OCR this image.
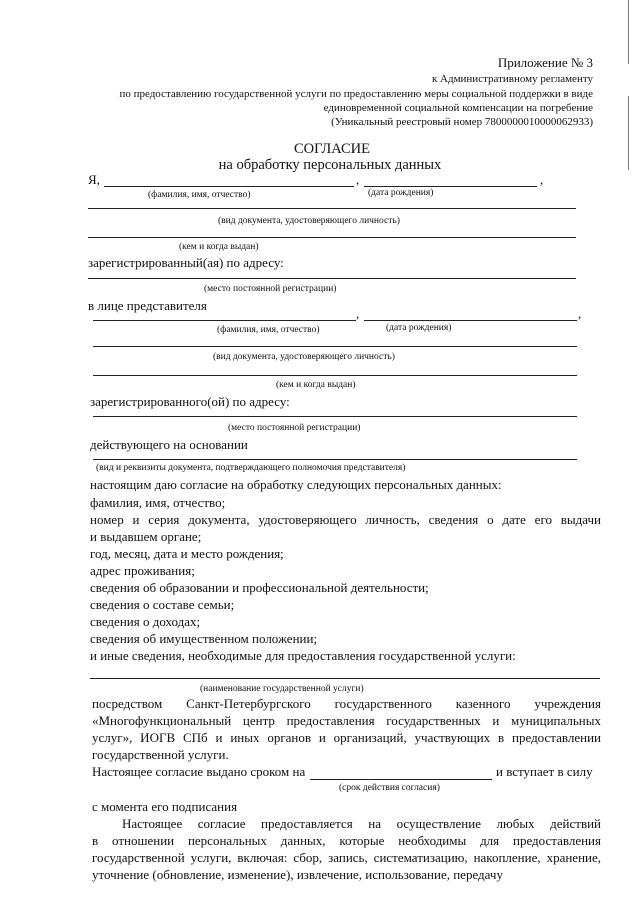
Приложение № 3
к Административному регламенту
по предоставлению государственной услуги по предоставлению меры социальной поддержки в виде
единовременной социальной компенсации на погребение
(Уникальный реестровый номер 7800000010000062933)
СОГЛАСИЕ
на обработку персональных данных
Я,	,	,
(фамилия, имя, отчество)	(дата рождения)
(вид документа, удостоверяющего личность)
(кем и когда выдан)
зарегистрированный(ая) по адресу:
(место постоянной регистрации)
в лице представителя
,	,
(фамилия, имя, отчество)	(дата рождения)
(вид документа, удостоверяющего личность)
(кем и когда выдан)
зарегистрированного(ой) по адресу:
(место постоянной регистрации)
действующего на основании
(вид и реквизиты документа, подтверждающего полномочия представителя)
настоящим даю согласие на обработку следующих персональных данных:
фамилия, имя, отчество;
номер и серия документа, удостоверяющего личность, сведения о дате его выдачи
и выдавшем органе;
год, месяц, дата и место рождения;
адрес проживания;
сведения об образовании и профессиональной деятельности;
сведения о составе семьи;
сведения о доходах;
сведения об имущественном положении;
и иные сведения, необходимые для предоставления государственной услуги:
(наименование государственной услуги)
посредством Санкт-Петербургского государственного казенного учреждения
«Многофункциональный центр предоставления государственных и муниципальных
услуг», ИОГВ СПб и иных органов и организаций, участвующих в предоставлении
государственной услуги.
Настоящее согласие выдано сроком на	и вступает в силу
(срок действия согласия)
с момента его подписания
Настоящее согласие предоставляется на осуществление любых действий
в отношении персональных данных, которые необходимы для предоставления
государственной услуги, включая: сбор, запись, систематизацию, накопление, хранение,
уточнение (обновление, изменение), извлечение, использование, передачу
